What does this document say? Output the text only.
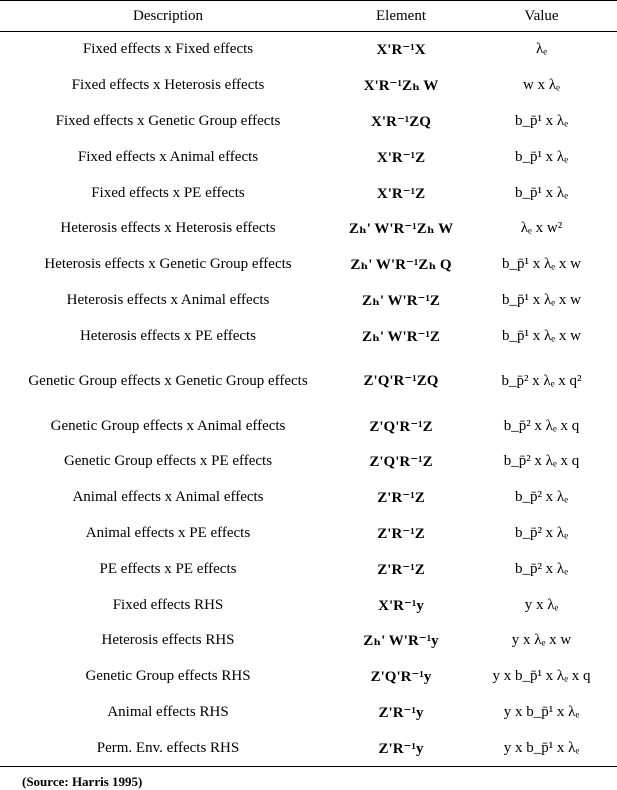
Description	Element	Value
Fixed effects x Fixed effects	X'R⁻¹X	λₑ
Fixed effects x Heterosis effects	X'R⁻¹Zₕ W	w x λₑ
Fixed effects x Genetic Group effects	X'R⁻¹ZQ	b_p̄¹ x λₑ
Fixed effects x Animal effects	X'R⁻¹Z	b_p̄¹ x λₑ
Fixed effects x PE effects	X'R⁻¹Z	b_p̄¹ x λₑ
Heterosis effects x Heterosis effects	Zₕ' W'R⁻¹Zₕ W	λₑ x w²
Heterosis effects x Genetic Group effects	Zₕ' W'R⁻¹Zₕ Q	b_p̄¹ x λₑ x w
Heterosis effects x Animal effects	Zₕ' W'R⁻¹Z	b_p̄¹ x λₑ x w
Heterosis effects x PE effects	Zₕ' W'R⁻¹Z	b_p̄¹ x λₑ x w
Genetic Group effects x Genetic Group effects	Z'Q'R⁻¹ZQ	b_p̄² x λₑ x q²
Genetic Group effects x Animal effects	Z'Q'R⁻¹Z	b_p̄² x λₑ x q
Genetic Group effects x PE effects	Z'Q'R⁻¹Z	b_p̄² x λₑ x q
Animal effects x Animal effects	Z'R⁻¹Z	b_p̄² x λₑ
Animal effects x PE effects	Z'R⁻¹Z	b_p̄² x λₑ
PE effects x PE effects	Z'R⁻¹Z	b_p̄² x λₑ
Fixed effects RHS	X'R⁻¹y	y x λₑ
Heterosis effects RHS	Zₕ' W'R⁻¹y	y x λₑ x w
Genetic Group effects RHS	Z'Q'R⁻¹y	y x b_p̄¹ x λₑ x q
Animal effects RHS	Z'R⁻¹y	y x b_p̄¹ x λₑ
Perm. Env. effects RHS	Z'R⁻¹y	y x b_p̄¹ x λₑ
(Source: Harris 1995)
